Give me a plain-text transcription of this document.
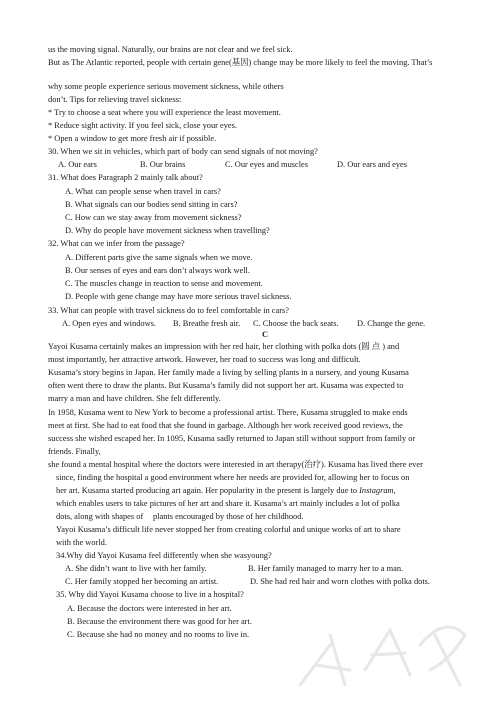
us the moving signal. Naturally, our brains are not clear and we feel sick.
But as The Atlantic reported, people with certain gene(基因) change may be more likely to feel the moving. That’s
why some people experience serious movement sickness, while others
don’t. Tips for relieving travel sickness:
* Try to choose a seat where you will experience the least movement.
* Reduce sight activity. If you feel sick, close your eyes.
* Open a window to get more fresh air if possible.
30. When we sit in vehicles, which part of body can send signals of not moving?
A. Our ears	B. Our brains	C. Our eyes and muscles	D. Our ears and eyes
31. What does Paragraph 2 mainly talk about?
A. What can people sense when travel in cars?
B. What signals can our bodies send sitting in cars?
C. How can we stay away from movement sickness?
D. Why do people have movement sickness when travelling?
32. What can we infer from the passage?
A. Different parts give the same signals when we move.
B. Our senses of eyes and ears don’t always work well.
C. The muscles change in reaction to sense and movement.
D. People with gene change may have more serious travel sickness.
33. What can people with travel sickness do to feel comfortable in cars?
A. Open eyes and windows. B. Breathe fresh air. C. Choose the back seats. D. Change the gene.
C
Yayoi Kusama certainly makes an impression with her red hair, her clothing with polka dots (圆 点 ) and
most importantly, her attractive artwork. However, her road to success was long and difficult.
Kusama’s story begins in Japan. Her family made a living by selling plants in a nursery, and young Kusama
often went there to draw the plants. But Kusama’s family did not support her art. Kusama was expected to
marry a man and have children. She felt differently.
In 1958, Kusama went to New York to become a professional artist. There, Kusama struggled to make ends
meet at first. She had to eat food that she found in garbage. Although her work received good reviews, the
success she wished escaped her. In 1095, Kusama sadly returned to Japan still without support from family or
friends. Finally,
she found a mental hospital where the doctors were interested in art therapy(治疗). Kusama has lived there ever
since, finding the hospital a good environment where her needs are provided for, allowing her to focus on
her art. Kusama started producing art again. Her popularity in the present is largely due to Instagram,
which enables users to take pictures of her art and share it. Kusama’s art mainly includes a lot of polka
dots, along with shapes of plants encouraged by those of her childhood.
Yayoi Kusama’s difficult life never stopped her from creating colorful and unique works of art to share
with the world.
34.Why did Yayoi Kusama feel differently when she wasyoung?
A. She didn’t want to live with her family.	B. Her family managed to marry her to a man.
C. Her family stopped her becoming an artist.	D. She had red hair and worn clothes with polka dots.
35. Why did Yayoi Kusama choose to live in a hospital?
A. Because the doctors were interested in her art.
B. Because the environment there was good for her art.
C. Because she had no money and no rooms to live in.
